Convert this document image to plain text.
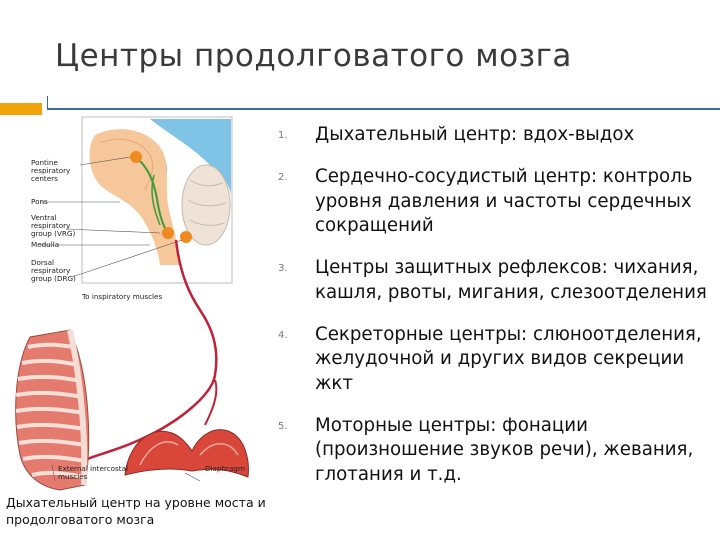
Центры продолговатого мозга
Pontine respiratory centers
Pons
Ventral respiratory group (VRG)
Medulla
Dorsal respiratory group (DRG)
To inspiratory muscles
External intercostal muscles
Diaphragm
Дыхательный центр на уровне моста и продолговатого мозга
1. Дыхательный центр: вдох-выдох
2. Сердечно-сосудистый центр: контроль уровня давления и частоты сердечных сокращений
3. Центры защитных рефлексов: чихания, кашля, рвоты, мигания, слезоотделения
4. Секреторные центры: слюноотделения, желудочной и других видов секреции жкт
5. Моторные центры: фонации (произношение звуков речи), жевания, глотания и т.д.
